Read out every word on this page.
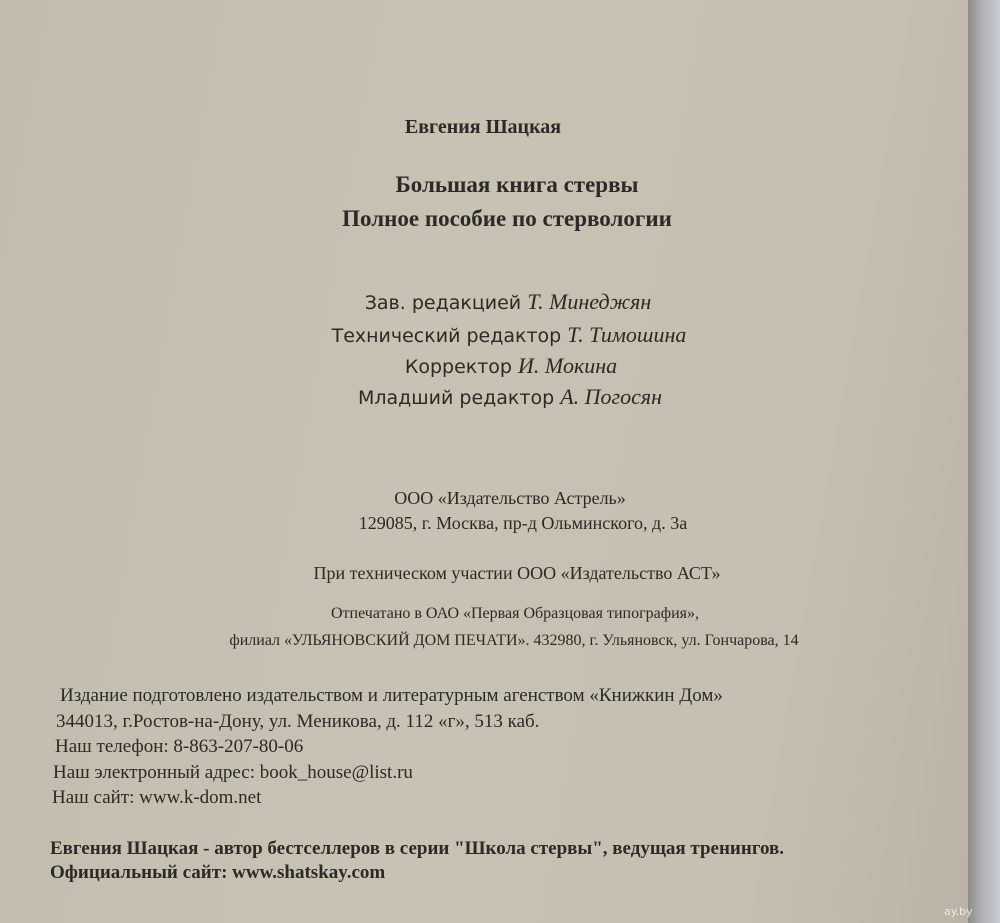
Евгения Шацкая
Большая книга стервы
Полное пособие по стервологии
Зав. редакцией Т. Минеджян
Технический редактор Т. Тимошина
Корректор И. Мокина
Младший редактор А. Погосян
ООО «Издательство Астрель»
129085, г. Москва, пр-д Ольминского, д. 3а
При техническом участии ООО «Издательство АСТ»
Отпечатано в ОАО «Первая Образцовая типография»,
филиал «УЛЬЯНОВСКИЙ ДОМ ПЕЧАТИ». 432980, г. Ульяновск, ул. Гончарова, 14
Издание подготовлено издательством и литературным агенством «Книжкин Дом»
344013, г.Ростов-на-Дону, ул. Меникова, д. 112 «г», 513 каб.
Наш телефон: 8-863-207-80-06
Наш электронный адрес: book_house@list.ru
Наш сайт: www.k-dom.net
Евгения Шацкая - автор бестселлеров в серии "Школа стервы", ведущая тренингов.
Официальный сайт: www.shatskay.com
ay.by
